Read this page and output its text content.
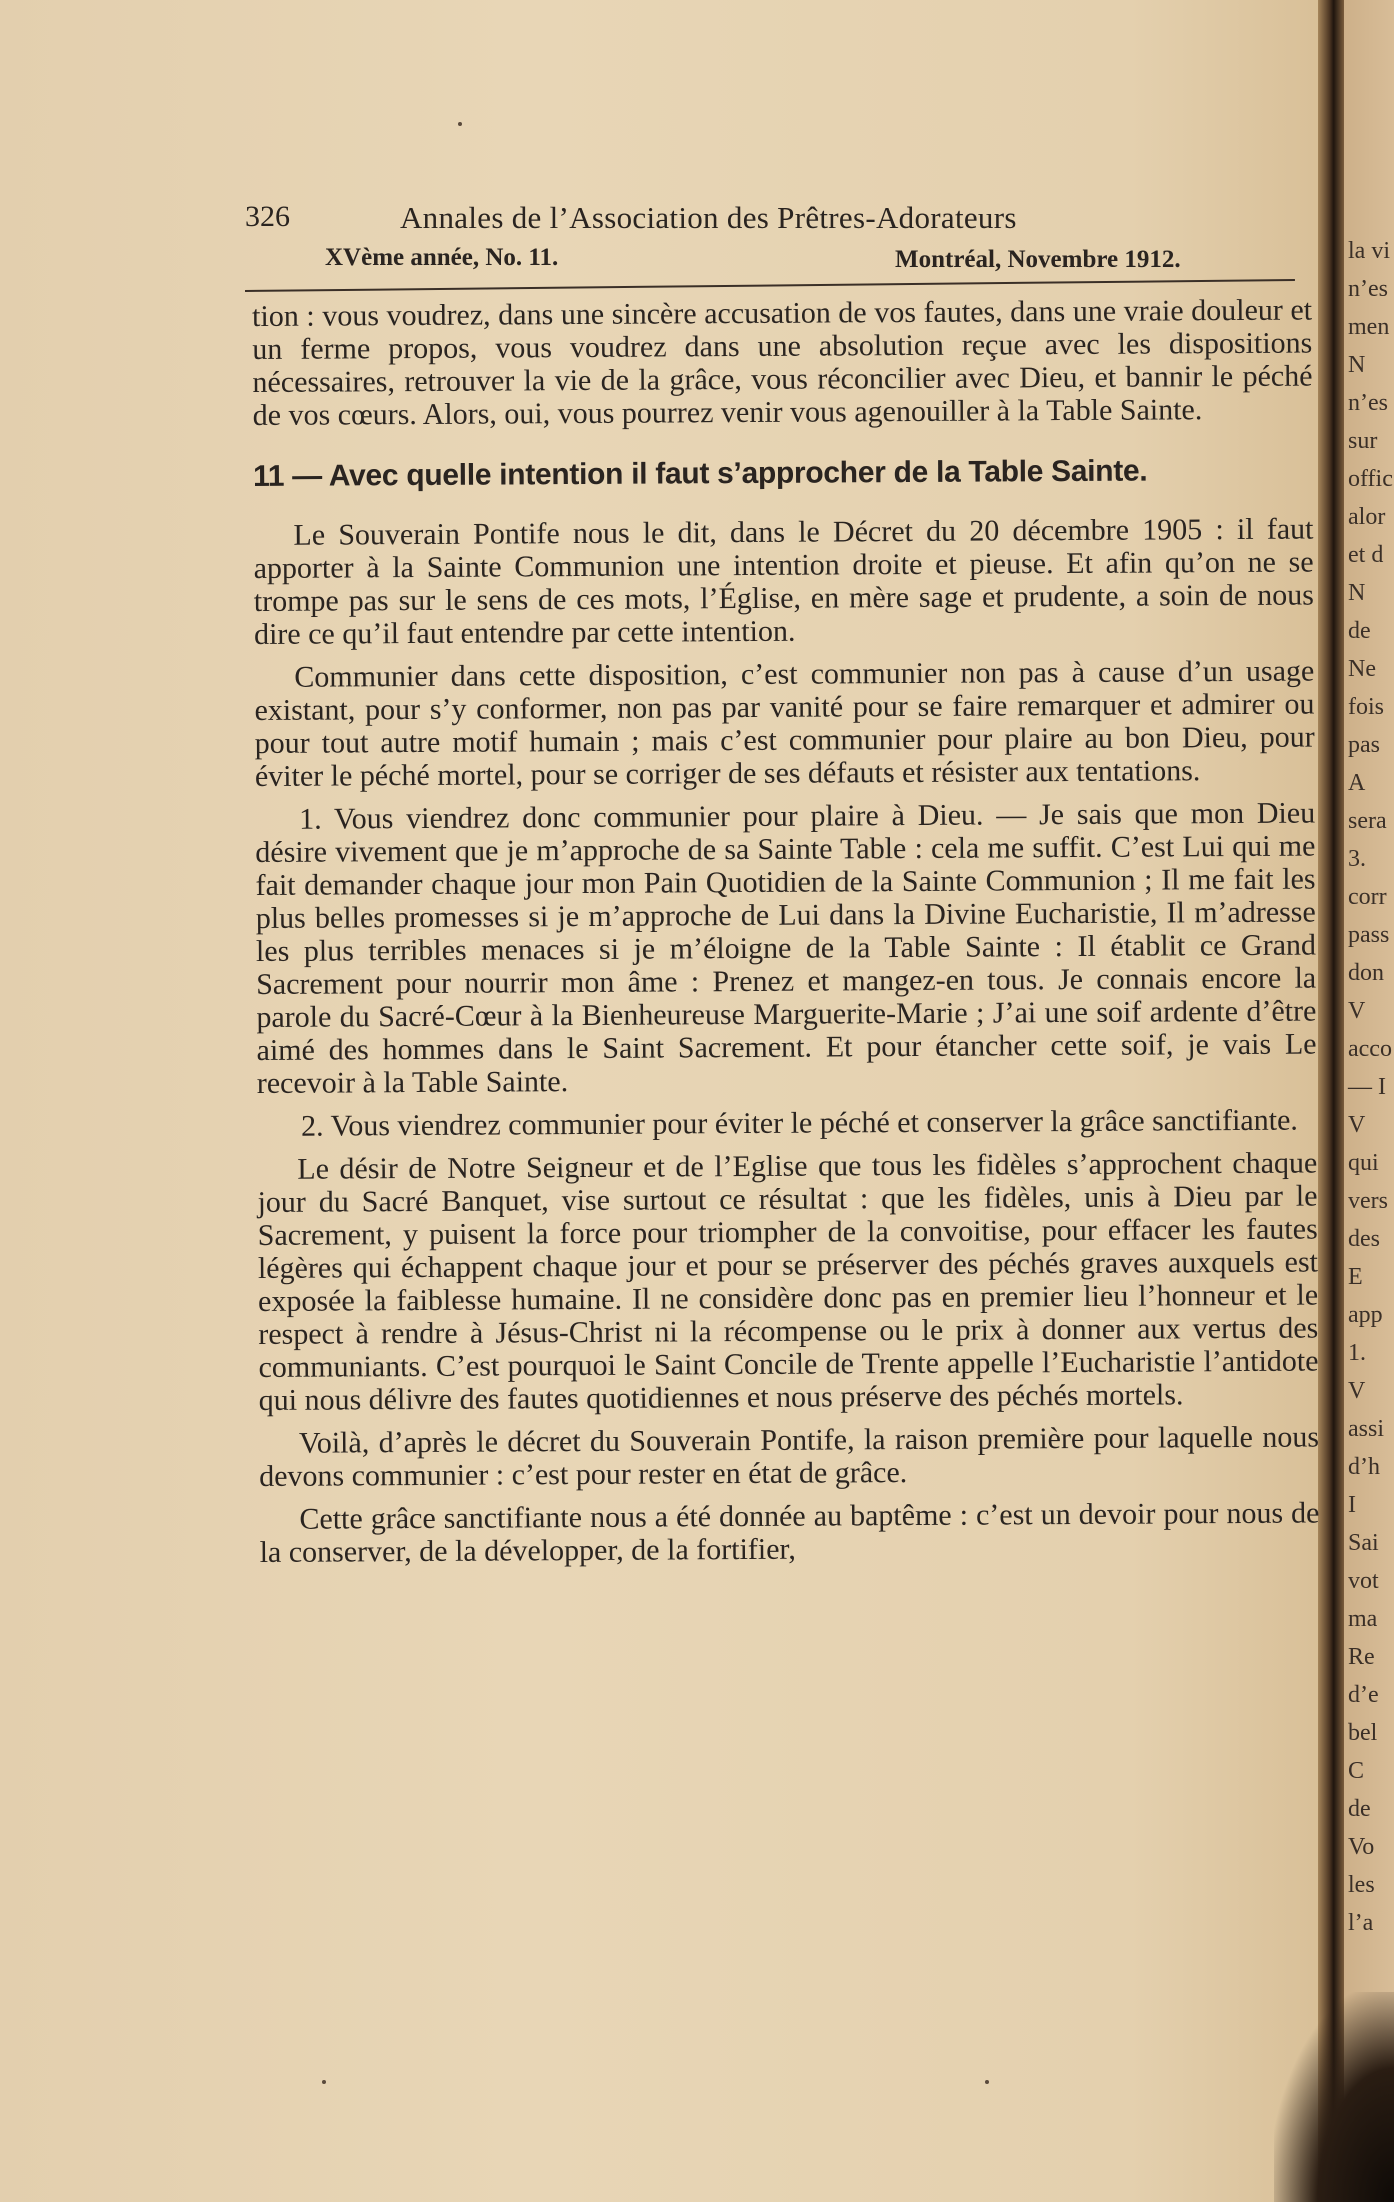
la vi
n’es
men
N
n’es
sur
offic
alor
et d
N
de
Ne
fois
pas
A
sera
3.
corr
pass
don
V
acco
— I
V
qui
vers
des
E
app
1.
V
assi
d’h
I
Sai
vot
ma
Re
d’e
bel
C
de
Vo
les
l’a
326	Annales de l’Association des Prêtres-Adorateurs
XVème année, No. 11.	Montréal, Novembre 1912.

tion : vous voudrez, dans une sincère accusation de vos fautes, dans une vraie douleur et un ferme propos, vous voudrez dans une absolution reçue avec les dispositions nécessaires, retrouver la vie de la grâce, vous réconcilier avec Dieu, et bannir le péché de vos cœurs. Alors, oui, vous pourrez venir vous agenouiller à la Table Sainte.

11 — Avec quelle intention il faut s’approcher de la Table Sainte.

Le Souverain Pontife nous le dit, dans le Décret du 20 décembre 1905 : il faut apporter à la Sainte Communion une intention droite et pieuse. Et afin qu’on ne se trompe pas sur le sens de ces mots, l’Église, en mère sage et prudente, a soin de nous dire ce qu’il faut entendre par cette intention.

Communier dans cette disposition, c’est communier non pas à cause d’un usage existant, pour s’y conformer, non pas par vanité pour se faire remarquer et admirer ou pour tout autre motif humain ; mais c’est communier pour plaire au bon Dieu, pour éviter le péché mortel, pour se corriger de ses défauts et résister aux tentations.

1. Vous viendrez donc communier pour plaire à Dieu. — Je sais que mon Dieu désire vivement que je m’approche de sa Sainte Table : cela me suffit. C’est Lui qui me fait demander chaque jour mon Pain Quotidien de la Sainte Communion ; Il me fait les plus belles promesses si je m’approche de Lui dans la Divine Eucharistie, Il m’adresse les plus terribles menaces si je m’éloigne de la Table Sainte : Il établit ce Grand Sacrement pour nourrir mon âme : Prenez et mangez-en tous. Je connais encore la parole du Sacré-Cœur à la Bienheureuse Marguerite-Marie ; J’ai une soif ardente d’être aimé des hommes dans le Saint Sacrement. Et pour étancher cette soif, je vais Le recevoir à la Table Sainte.

2. Vous viendrez communier pour éviter le péché et conserver la grâce sanctifiante.

Le désir de Notre Seigneur et de l’Eglise que tous les fidèles s’approchent chaque jour du Sacré Banquet, vise surtout ce résultat : que les fidèles, unis à Dieu par le Sacrement, y puisent la force pour triompher de la convoitise, pour effacer les fautes légères qui échappent chaque jour et pour se préserver des péchés graves auxquels est exposée la faiblesse humaine. Il ne considère donc pas en premier lieu l’honneur et le respect à rendre à Jésus-Christ ni la récompense ou le prix à donner aux vertus des communiants. C’est pourquoi le Saint Concile de Trente appelle l’Eucharistie l’antidote qui nous délivre des fautes quotidiennes et nous préserve des péchés mortels.

Voilà, d’après le décret du Souverain Pontife, la raison première pour laquelle nous devons communier : c’est pour rester en état de grâce.

Cette grâce sanctifiante nous a été donnée au baptême : c’est un devoir pour nous de la conserver, de la développer, de la fortifier,
